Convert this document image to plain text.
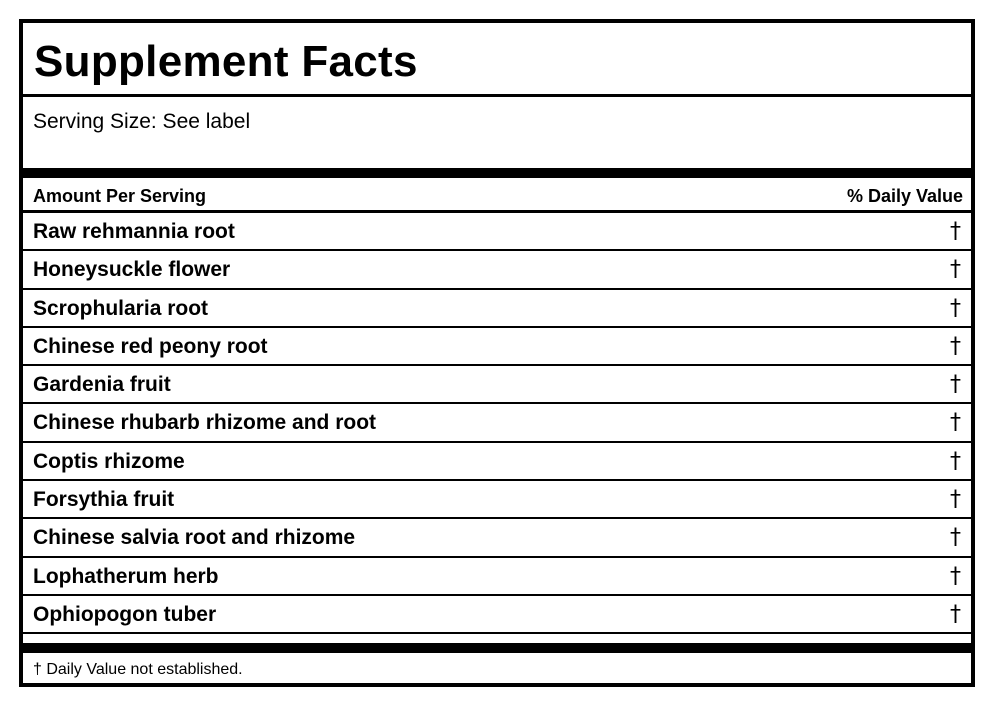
Supplement Facts
Serving Size: See label
Amount Per Serving	% Daily Value
Raw rehmannia root	†
Honeysuckle flower	†
Scrophularia root	†
Chinese red peony root	†
Gardenia fruit	†
Chinese rhubarb rhizome and root	†
Coptis rhizome	†
Forsythia fruit	†
Chinese salvia root and rhizome	†
Lophatherum herb	†
Ophiopogon tuber	†
† Daily Value not established.
